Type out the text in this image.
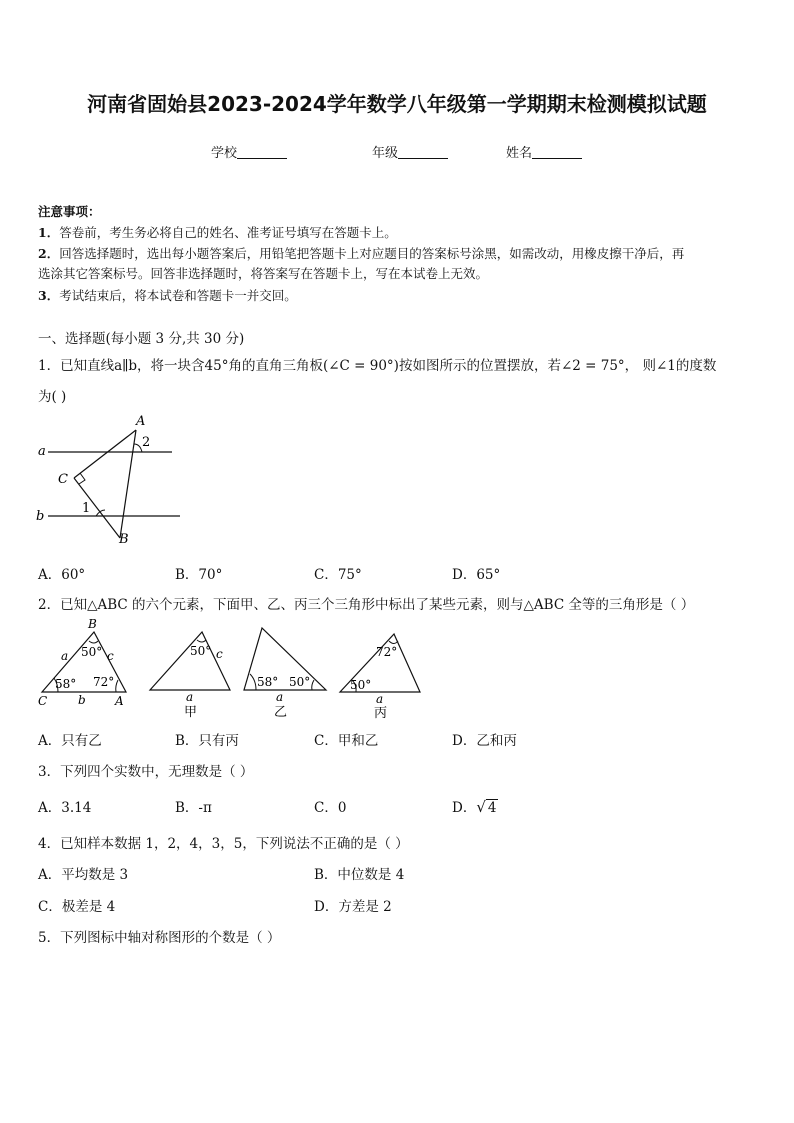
河南省固始县2023-2024学年数学八年级第一学期期末检测模拟试题
学校	年级	姓名
注意事项：
1．答卷前，考生务必将自己的姓名、准考证号填写在答题卡上。
2．回答选择题时，选出每小题答案后，用铅笔把答题卡上对应题目的答案标号涂黑，如需改动，用橡皮擦干净后，再
选涂其它答案标号。回答非选择题时，将答案写在答题卡上，写在本试卷上无效。
3．考试结束后，将本试卷和答题卡一并交回。
一、选择题(每小题 3 分,共 30 分)
1．已知直线a∥b，将一块含45°角的直角三角板(∠C = 90°)按如图所示的位置摆放，若∠2 = 75°， 则∠1的度数
为( )
A
2
a
C
1
b
B
A．60°	B．70°	C．75°	D．65°
2．已知△ABC 的六个元素，下面甲、乙、丙三个三角形中标出了某些元素，则与△ABC 全等的三角形是（ ）
B
C	A
a	c
b
50°
58° 72°
50° c
a
甲
58°
a
50°
乙
72°
50°
a
丙
A．只有乙	B．只有丙	C．甲和乙	D．乙和丙
3．下列四个实数中，无理数是（ ）
A．3.14	B．-π	C．0	D．√ 4
4．已知样本数据 1，2，4，3，5，下列说法不正确的是（ ）
A．平均数是 3	B．中位数是 4
C．极差是 4	D．方差是 2
5．下列图标中轴对称图形的个数是（ ）
